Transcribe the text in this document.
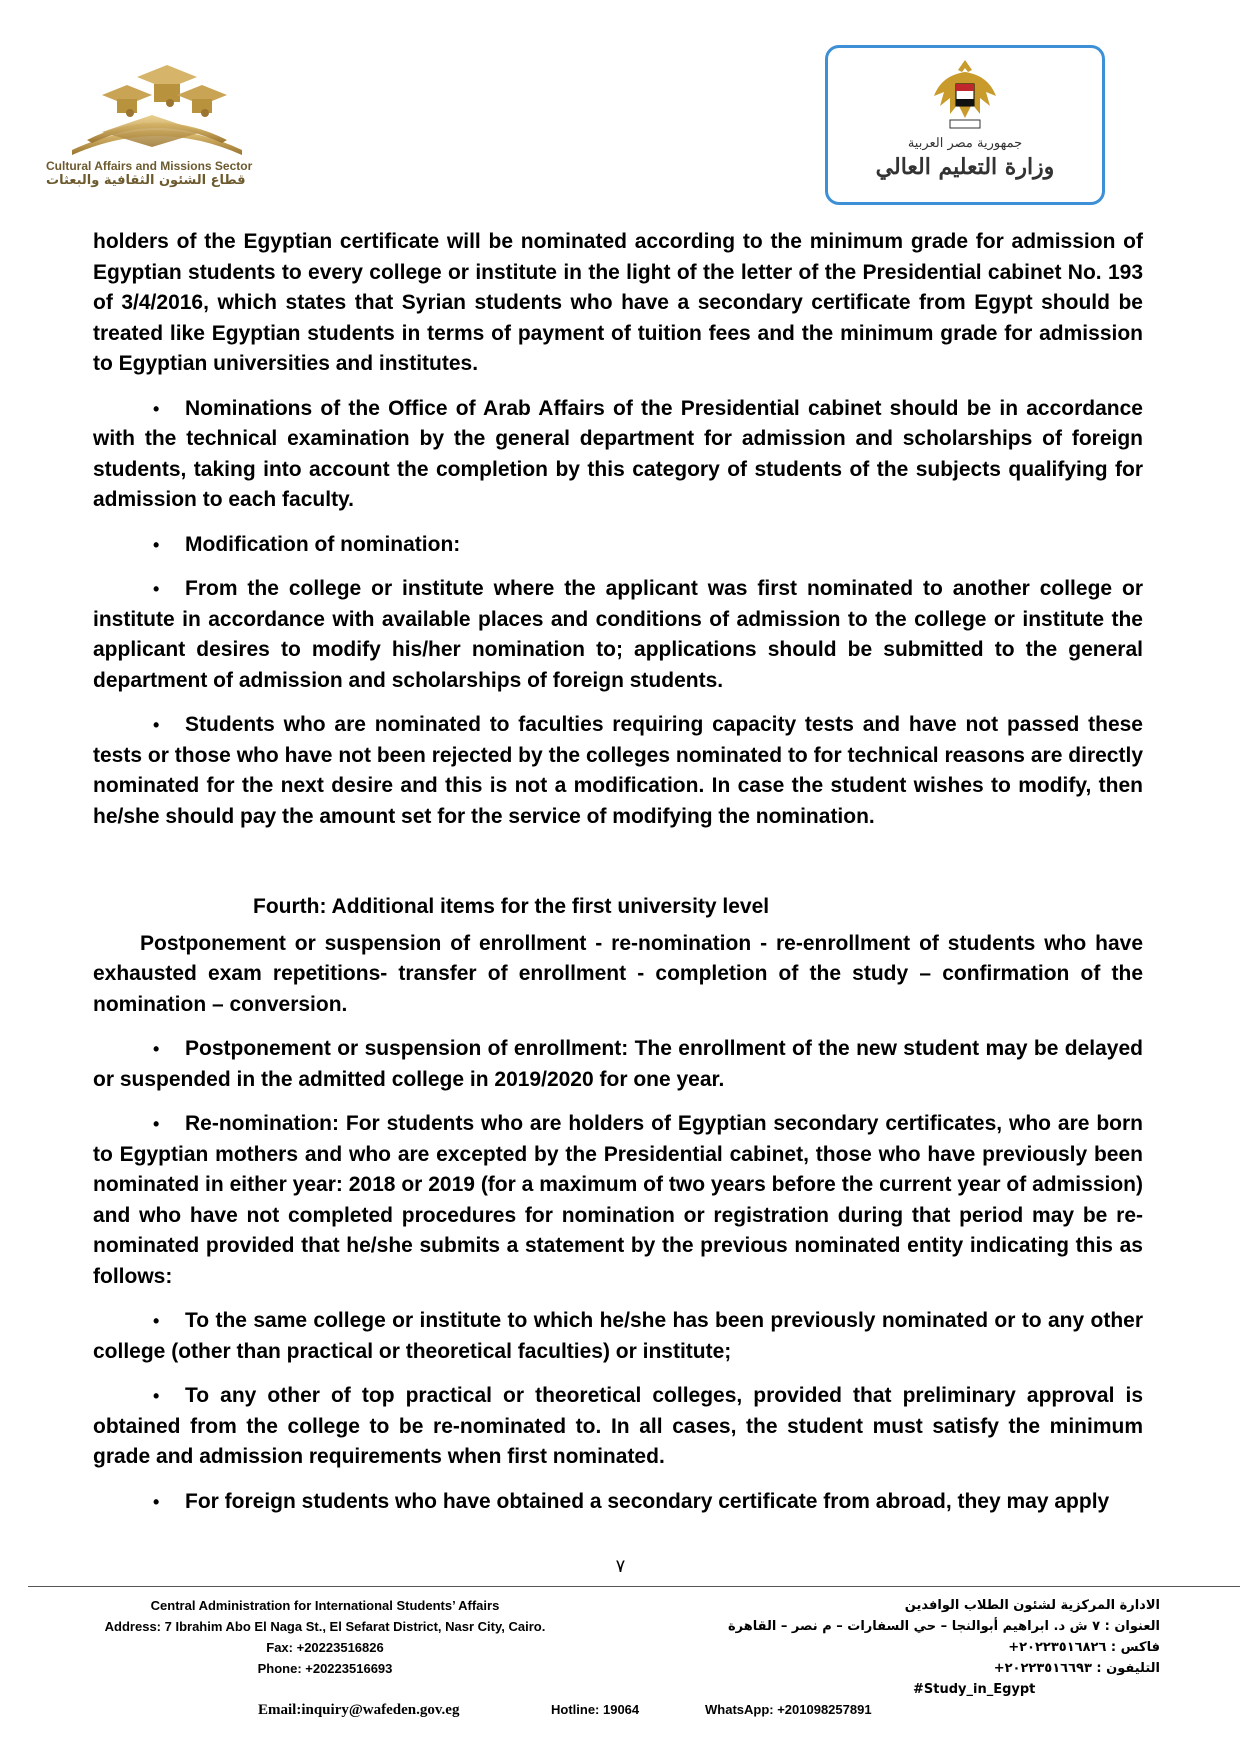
Cultural Affairs and Missions Sector
قطاع الشئون الثقافية والبعثات
جمهورية مصر العربية
وزارة التعليم العالي

holders of the Egyptian certificate will be nominated according to the minimum grade for admission of Egyptian students to every college or institute in the light of the letter of the Presidential cabinet No. 193 of 3/4/2016, which states that Syrian students who have a secondary certificate from Egypt should be treated like Egyptian students in terms of payment of tuition fees and the minimum grade for admission to Egyptian universities and institutes.

• Nominations of the Office of Arab Affairs of the Presidential cabinet should be in accordance with the technical examination by the general department for admission and scholarships of foreign students, taking into account the completion by this category of students of the subjects qualifying for admission to each faculty.

• Modification of nomination:

• From the college or institute where the applicant was first nominated to another college or institute in accordance with available places and conditions of admission to the college or institute the applicant desires to modify his/her nomination to; applications should be submitted to the general department of admission and scholarships of foreign students.

• Students who are nominated to faculties requiring capacity tests and have not passed these tests or those who have not been rejected by the colleges nominated to for technical reasons are directly nominated for the next desire and this is not a modification. In case the student wishes to modify, then he/she should pay the amount set for the service of modifying the nomination.

Fourth: Additional items for the first university level

Postponement or suspension of enrollment - re-nomination - re-enrollment of students who have exhausted exam repetitions- transfer of enrollment - completion of the study – confirmation of the nomination – conversion.

• Postponement or suspension of enrollment: The enrollment of the new student may be delayed or suspended in the admitted college in 2019/2020 for one year.

• Re-nomination: For students who are holders of Egyptian secondary certificates, who are born to Egyptian mothers and who are excepted by the Presidential cabinet, those who have previously been nominated in either year: 2018 or 2019 (for a maximum of two years before the current year of admission) and who have not completed procedures for nomination or registration during that period may be re-nominated provided that he/she submits a statement by the previous nominated entity indicating this as follows:

• To the same college or institute to which he/she has been previously nominated or to any other college (other than practical or theoretical faculties) or institute;

• To any other of top practical or theoretical colleges, provided that preliminary approval is obtained from the college to be re-nominated to. In all cases, the student must satisfy the minimum grade and admission requirements when first nominated.

• For foreign students who have obtained a secondary certificate from abroad, they may apply

٧
Central Administration for International Students’ Affairs
Address: 7 Ibrahim Abo El Naga St., El Sefarat District, Nasr City, Cairo.
Fax: +20223516826
Phone: +20223516693
الادارة المركزية لشئون الطلاب الوافدين
العنوان : ٧ ش د. ابراهيم أبوالنجا – حي السفارات – م نصر – القاهرة
فاكس : ٢٠٢٢٣٥١٦٨٢٦+
التليفون : ٢٠٢٢٣٥١٦٦٩٣+
#Study_in_Egypt
Email:inquiry@wafeden.gov.eg	Hotline: 19064	WhatsApp: +201098257891
